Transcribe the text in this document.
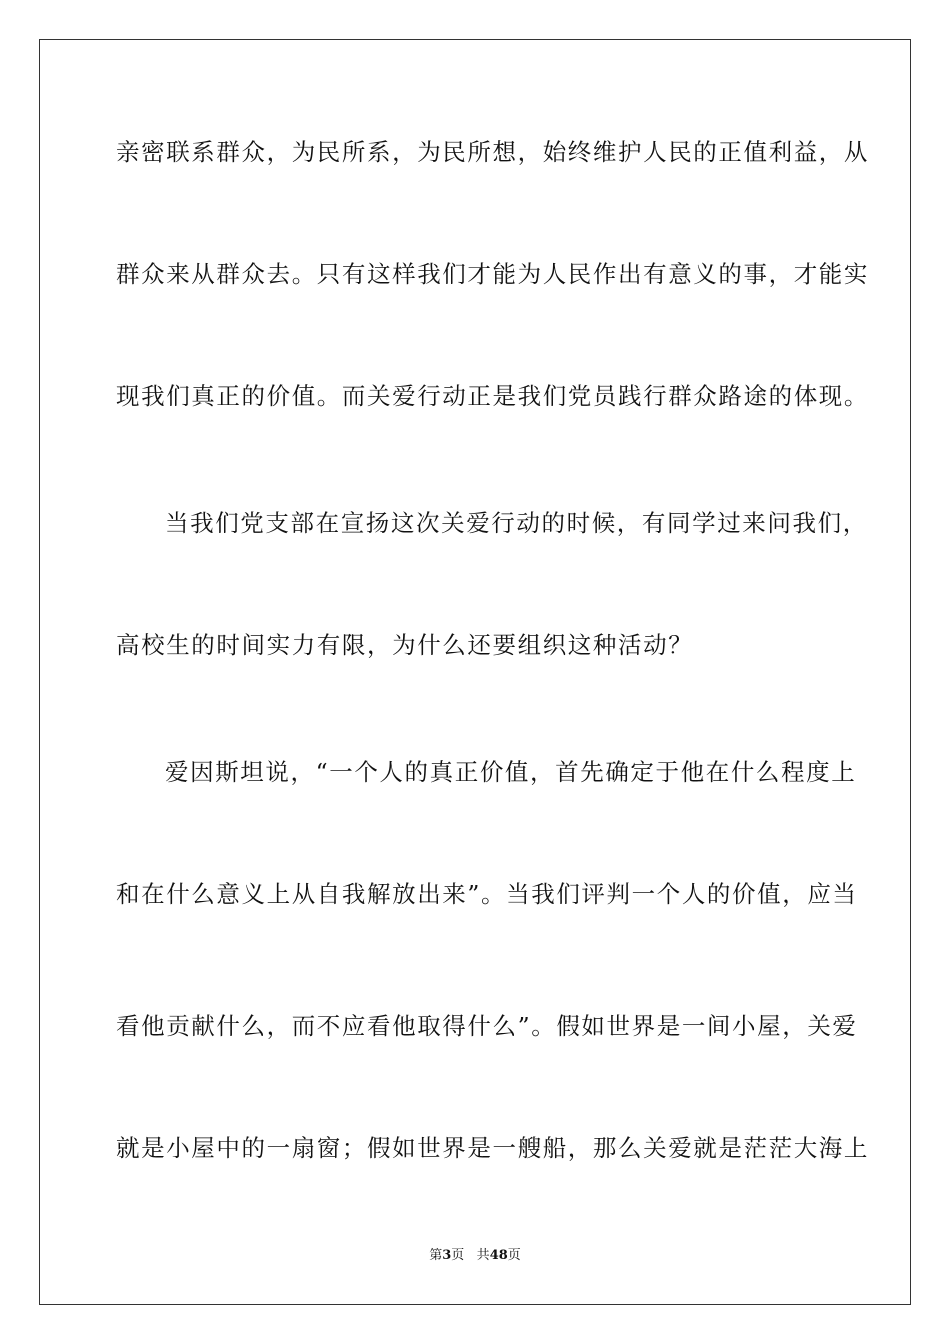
亲密联系群众，为民所系，为民所想，始终维护人民的正值利益，从
群众来从群众去。只有这样我们才能为人民作出有意义的事，才能实
现我们真正的价值。而关爱行动正是我们党员践行群众路途的体现。
当我们党支部在宣扬这次关爱行动的时候，有同学过来问我们，
高校生的时间实力有限，为什么还要组织这种活动？
爱因斯坦说，“一个人的真正价值，首先确定于他在什么程度上
和在什么意义上从自我解放出来”。当我们评判一个人的价值，应当
看他贡献什么，而不应看他取得什么”。假如世界是一间小屋，关爱
就是小屋中的一扇窗；假如世界是一艘船，那么关爱就是茫茫大海上
第3页 共48页
